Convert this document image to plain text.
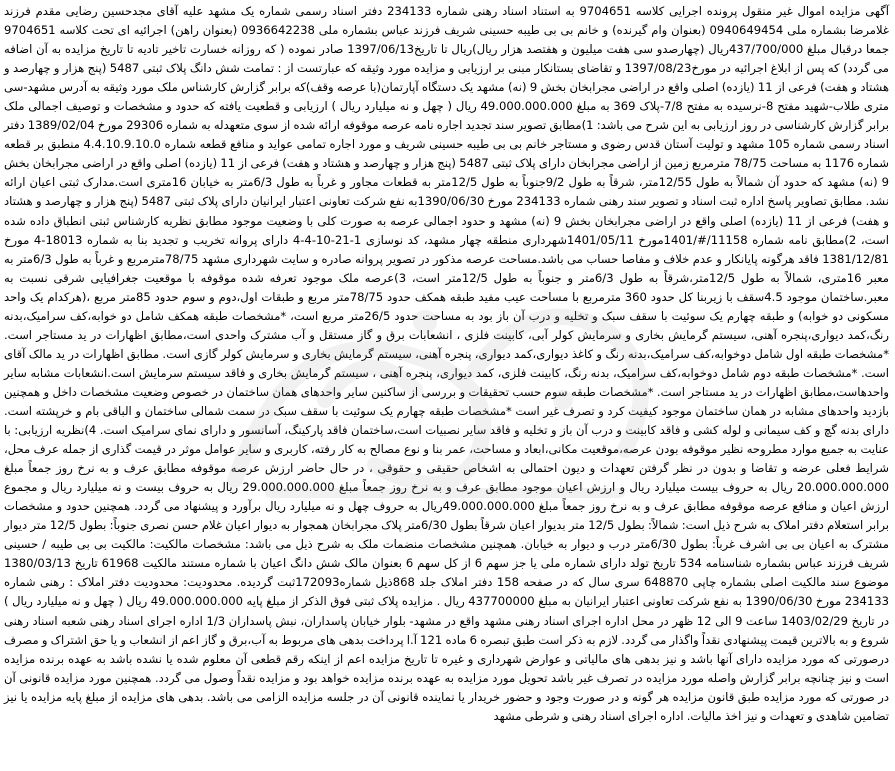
آگهی مزایده اموال غیر منقول پرونده اجرایی کلاسه 9704651 به استناد اسناد رهنی شماره 234133 دفتر اسناد رسمی شماره یک مشهد علیه آقای مجدحسین رضایی مقدم فرزند غلامرضا بشماره ملی 0940649454 (بعنوان وام گیرنده) و خانم بی بی طیبه حسینی شریف فرزند عباس بشماره ملی 0936642238 (بعنوان راهن) اجرائیه ای تحت کلاسه 9704651 جمعا درقبال مبلغ 437/700/000ریال (چهارصدو سی هفت میلیون و هفتصد هزار ریال)ریال تا تاریخ1397/06/13 صادر نموده ( که روزانه خسارت تاخیر تادیه تا تاریخ مزایده به آن اضافه می گردد) که پس از ابلاغ اجرائیه در مورخ1397/08/23 و تقاضای بستانکار مبنی بر ارزیابی و مزایده مورد وثیقه که عبارتست از : تمامت شش دانگ پلاک ثبتی 5487 (پنج هزار و چهارصد و هشتاد و هفت) فرعی از 11 (یازده) اصلی واقع در اراضی مجرابخان بخش 9 (نه) مشهد یک دستگاه آپارتمان(با عرصه وقف)که برابر گزارش کارشناس ملک مورد وثیقه به آدرس مشهد-سی متری طلاب-شهید مفتح 8-نرسیده به مفتح 7/8-پلاک 369 به مبلغ 49.000.000.000 ریال ( چهل و نه میلیارد ریال ) ارزیابی و قطعیت یافته که حدود و مشخصات و توصیف اجمالی ملک برابر گزارش کارشناسی در روز ارزیابی به این شرح می باشد: 1)مطابق تصویر سند تجدید اجاره نامه عرصه موقوفه ارائه شده از سوی متعهدله به شماره 29306 مورخ 1389/02/04 دفتر اسناد رسمی شماره 105 مشهد و تولیت آستان قدس رضوی و مستاجر خانم بی بی طیبه حسینی شریف و مورد اجاره تمامی عواید و منافع قطعه شماره 4.4.10.9.10.0 منطبق بر قطعه شماره 1176 به مساحت 78/75 مترمربع زمین از اراضی مجرابخان دارای پلاک ثبتی 5487 (پنج هزار و چهارصد و هشتاد و هفت) فرعی از 11 (یازده) اصلی واقع در اراضی مجرابخان بخش 9 (نه) مشهد که حدود آن شمالاً به طول 12/55متر، شرقاً به طول 9/2جنوباً به طول 12/5متر به قطعات مجاور و غرباً به طول 6/3متر به خیابان 16متری است.مدارک ثبتی اعیان ارائه نشد. مطابق تصاویر پاسخ اداره ثبت اسناد و تصویر سند رهنی شماره 234133 مورخ 1390/06/30به نفع شرکت تعاونی اعتبار ایرانیان دارای پلاک ثبتی 5487 (پنج هزار و چهارصد و هشتاد و هفت) فرعی از 11 (یازده) اصلی واقع در اراضی مجرابخان بخش 9 (نه) مشهد و حدود اجمالی عرصه به صورت کلی با وضعیت موجود مطابق نظریه کارشناس ثبتی انطباق داده شده است، 2)مطابق نامه شماره 11158/#/1401مورخ 1401/05/11شهرداری منطقه چهار مشهد، کد نوسازی 1-21-10-4-4 دارای پروانه تخریب و تجدید بنا به شماره 18013-4 مورخ 1381/12/81 فاقد هرگونه پایانکار و عدم خلاف و مفاصا حساب می باشد.مساحت عرصه مذکور در تصویر پروانه صادره و سایت شهرداری مشهد 78/75مترمربع و غرباً به طول 6/3متر به معبر 16متری، شمالاً به طول 12/5متر،شرقاً به طول 6/3متر و جنوباً به طول 12/5متر است، 3)عرصه ملک موجود تعرفه شده موقوفه با موقعیت جغرافیایی شرقی نسبت به معبر.ساختمان موجود 4.5سقف با زیربنا کل حدود 360 مترمربع با مساحت عیب مفید طبقه همکف حدود 78/75متر مربع و طبقات اول،دوم و سوم حدود 85متر مربع ،(هرکدام یک واحد مسکونی دو خوابه) و طبقه چهارم یک سوئیت با سقف سبک و تخلیه و درب آن باز بود به مساحت حدود 26/5متر مربع است، *مشخصات طبقه همکف شامل دو خوابه،کف سرامیک،بدنه رنگ،کمد دیواری،پنجره آهنی، سیستم گرمایش بخاری و سرمایش کولر آبی، کابینت فلزی ، انشعابات برق و گاز مستقل و آب مشترک واحدی است،مطابق اظهارات در ید مستاجر است. *مشخصات طبقه اول شامل دوخوابه،کف سرامیک،بدنه رنگ و کاغذ دیواری،کمد دیواری، پنجره آهنی، سیستم گرمایش بخاری و سرمایش کولر گازی است. مطابق اظهارات در ید مالک آقای است. *مشخصات طبقه دوم شامل دوخوابه،کف سرامیک، بدنه رنگ، کابینت فلزی، کمد دیواری، پنجره آهنی ، سیستم گرمایش بخاری و فاقد سیستم سرمایش است.انشعابات مشابه سایر واحدهاست،مطابق اظهارات در ید مستاجر است. *مشخصات طبقه سوم حسب تحقیقات و بررسی از ساکنین سایر واحدهای همان ساختمان در خصوص وضعیت مشخصات داخل و همچنین بازدید واحدهای مشابه در همان ساختمان موجود کیفیت کرد و تصرف غیر است *مشخصات طبقه چهارم یک سوئیت با سقف سبک در سمت شمالی ساختمان و الباقی بام و خرپشته است. دارای بدنه گچ و کف سیمانی و لوله کشی و فاقد کابینت و درب آن باز و تخلیه و فاقد سایر نصبیات است،ساختمان فاقد پارکینگ، آسانسور و دارای نمای سرامیک است. 4)نظریه ارزیابی: با عنایت به جمیع موارد مطروحه نظیر موقوفه بودن عرصه،موقعیت مکانی،ابعاد و مساحت، عمر بنا و نوع مصالح به کار رفته، کاربری و سایر عوامل موثر در قیمت گذاری از جمله عرف محل، شرایط فعلی عرضه و تقاضا و بدون در نظر گرفتن تعهدات و دیون احتمالی به اشخاص حقیقی و حقوقی ، در حال حاضر ارزش عرصه موقوفه مطابق عرف و به نرخ روز جمعاً مبلغ 20.000.000.000 ریال به حروف بیست میلیارد ریال و ارزش اعیان موجود مطابق عرف و به نرخ روز جمعاً مبلغ 29.000.000.000 ریال به حروف بیست و نه میلیارد ریال و مجموع ارزش اعیان و منافع عرصه موقوفه مطابق عرف و به نرخ روز جمعاً مبلغ 49.000.000.000ریال به حروف چهل و نه میلیارد ریال برآورد و پیشنهاد می گردد. همچنین حدود و مشخصات برابر استعلام دفتر املاک به شرح ذیل است: شمالاً: بطول 12/5 متر بدیوار اعیان شرقاً بطول 6/30متر پلاک مجرابخان همجوار به دیوار اعیان غلام حسن نصری جنوباً: بطول 12/5 متر دیوار مشترک به اعیان بی بی اشرف غرباً: بطول 6/30متر درب و دیوار به خیابان. همچنین مشخصات منضمات ملک به شرح ذیل می باشد: مشخصات مالکیت: مالکیت بی بی طیبه / حسینی شریف فرزند عباس بشماره شناسنامه 534 تاریخ تولد دارای شماره ملی یا جز سهم 6 از کل سهم 6 بعنوان مالک شش دانگ اعیان با شماره مستند مالکیت 61968 تاریخ 1380/03/13 موضوع سند مالکیت اصلی بشماره چاپی 648870 سری سال که در صفحه 158 دفتر املاک جلد 868ذیل شماره172093ثبت گردیده. محدودیت: محدودیت دفتر املاک : رهنی شماره 234133 مورخ 1390/06/30 به نفع شرکت تعاونی اعتبار ایرانیان به مبلغ 437700000 ریال . مزایده پلاک ثبتی فوق الذکر از مبلغ پایه 49.000.000.000 ریال ( چهل و نه میلیارد ریال ) در تاریخ 1403/02/29 ساعت 9 الی 12 ظهر در محل اداره اجرای اسناد رهنی مشهد واقع در مشهد- بلوار خیابان پاسداران، نبش پاسداران 1/3 اداره اجرای اسناد رهنی شعبه اسناد رهنی شروع و به بالاترین قیمت پیشنهادی نقداً واگذار می گردد. لازم به ذکر است طبق تبصره 6 ماده 121 آ.ا پرداخت بدهی های مربوط به آب،برق و گاز اعم از انشعاب و یا حق اشتراک و مصرف درصورتی که مورد مزایده دارای آنها باشد و نیز بدهی های مالیاتی و عوارض شهرداری و غیره تا تاریخ مزایده اعم از اینکه رقم قطعی آن معلوم شده یا نشده باشد به عهده برنده مزایده است و نیز چنانچه برابر گزارش واصله مورد مزایده در تصرف غیر باشد تحویل مورد مزایده به عهده برنده مزایده خواهد بود و مزایده نقداً وصول می گردد. همچنین مورد مزایده قانونی آن در صورتی که مورد مزایده طبق قانون مزایده هر گونه و در صورت وجود و حضور خریدار یا نماینده قانونی آن در جلسه مزایده الزامی می باشد. بدهی های مزایده از مبلغ پایه مزایده یا نیز تضامین شاهدی و تعهدات و نیز اخذ مالیات. اداره اجرای اسناد رهنی و شرطی مشهد
